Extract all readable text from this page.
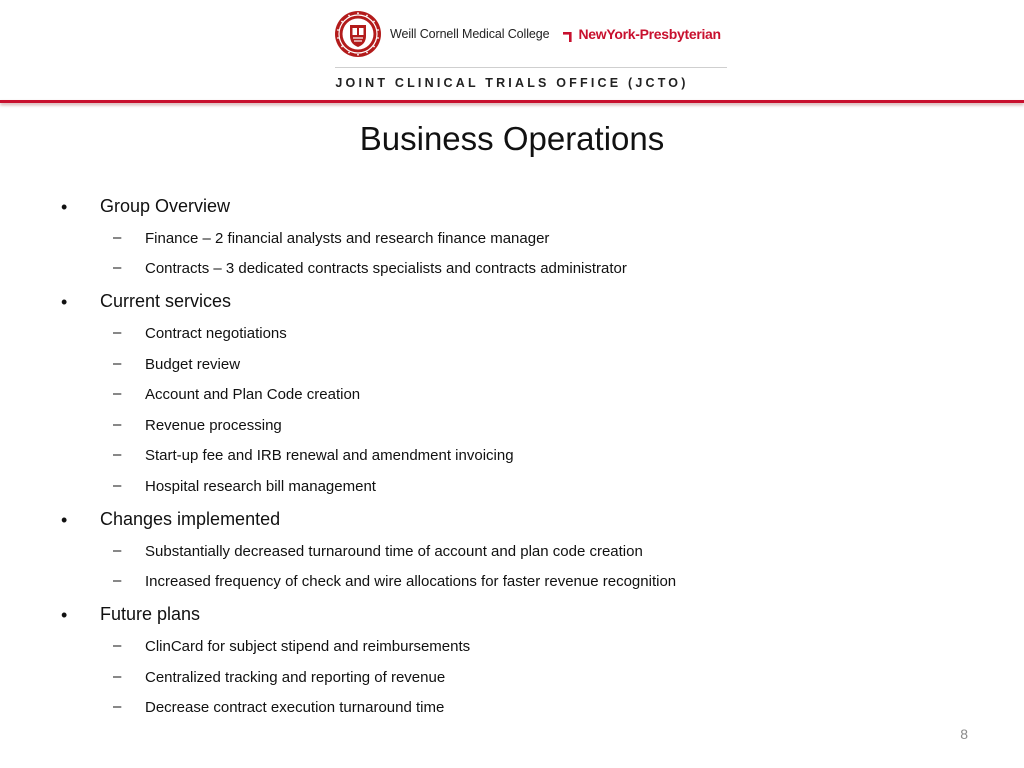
Weill Cornell Medical College NewYork-Presbyterian
JOINT CLINICAL TRIALS OFFICE (JCTO)
Business Operations
• Group Overview
– Finance – 2 financial analysts and research finance manager
– Contracts – 3 dedicated contracts specialists and contracts administrator
• Current services
– Contract negotiations
– Budget review
– Account and Plan Code creation
– Revenue processing
– Start-up fee and IRB renewal and amendment invoicing
– Hospital research bill management
• Changes implemented
– Substantially decreased turnaround time of account and plan code creation
– Increased frequency of check and wire allocations for faster revenue recognition
• Future plans
– ClinCard for subject stipend and reimbursements
– Centralized tracking and reporting of revenue
– Decrease contract execution turnaround time
8
